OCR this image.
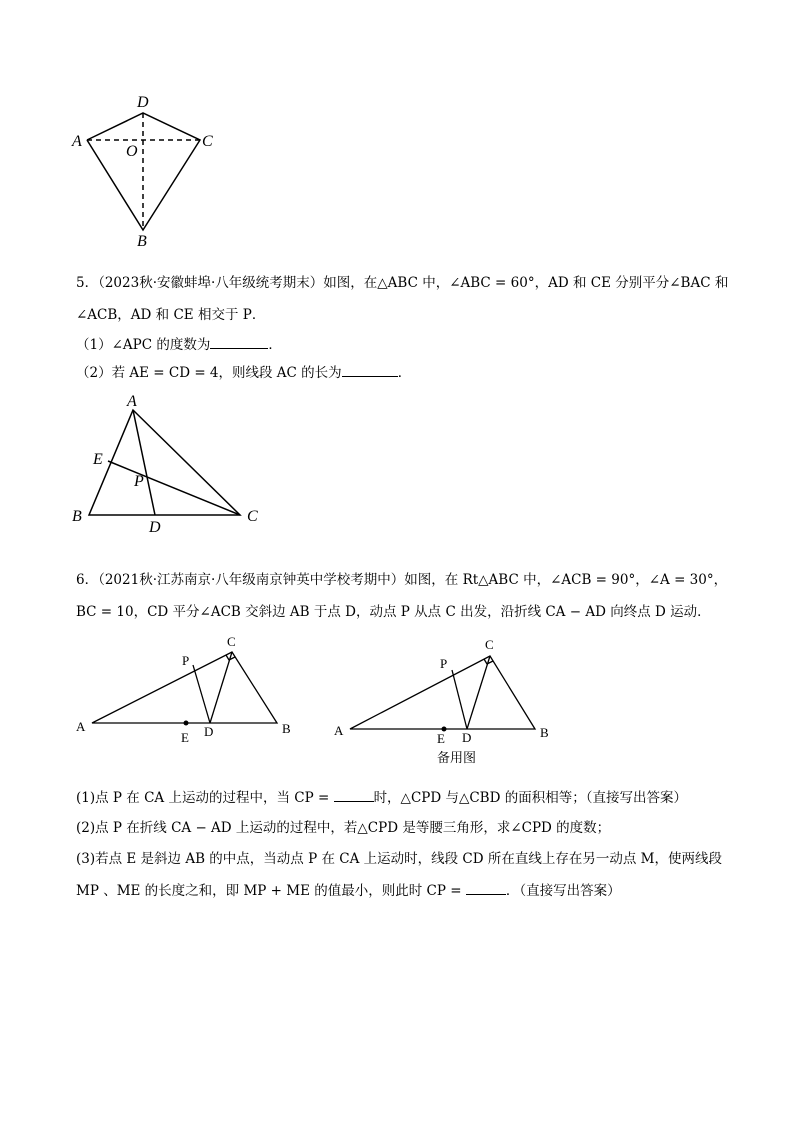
A
D
C
O
B
5．（2023秋·安徽蚌埠·八年级统考期末）如图，在△ABC 中，∠ABC = 60°，AD 和 CE 分别平分∠BAC 和
∠ACB，AD 和 CE 相交于 P．
（1）∠APC 的度数为	．
（2）若 AE = CD = 4，则线段 AC 的长为	．
A
E
P
B
D
C
6．（2021秋·江苏南京·八年级南京钟英中学校考期中）如图，在 Rt△ABC 中，∠ACB = 90°，∠A = 30°，
BC = 10，CD 平分∠ACB 交斜边 AB 于点 D，动点 P 从点 C 出发，沿折线 CA − AD 向终点 D 运动．
A
P
C
E D	B	A
P
C
E D	B
备用图
(1)点 P 在 CA 上运动的过程中，当 CP =	时，△CPD 与△CBD 的面积相等；（直接写出答案）
(2)点 P 在折线 CA − AD 上运动的过程中，若△CPD 是等腰三角形，求∠CPD 的度数；
(3)若点 E 是斜边 AB 的中点，当动点 P 在 CA 上运动时，线段 CD 所在直线上存在另一动点 M，使两线段
MP 、ME 的长度之和，即 MP + ME 的值最小，则此时 CP =	．（直接写出答案）
